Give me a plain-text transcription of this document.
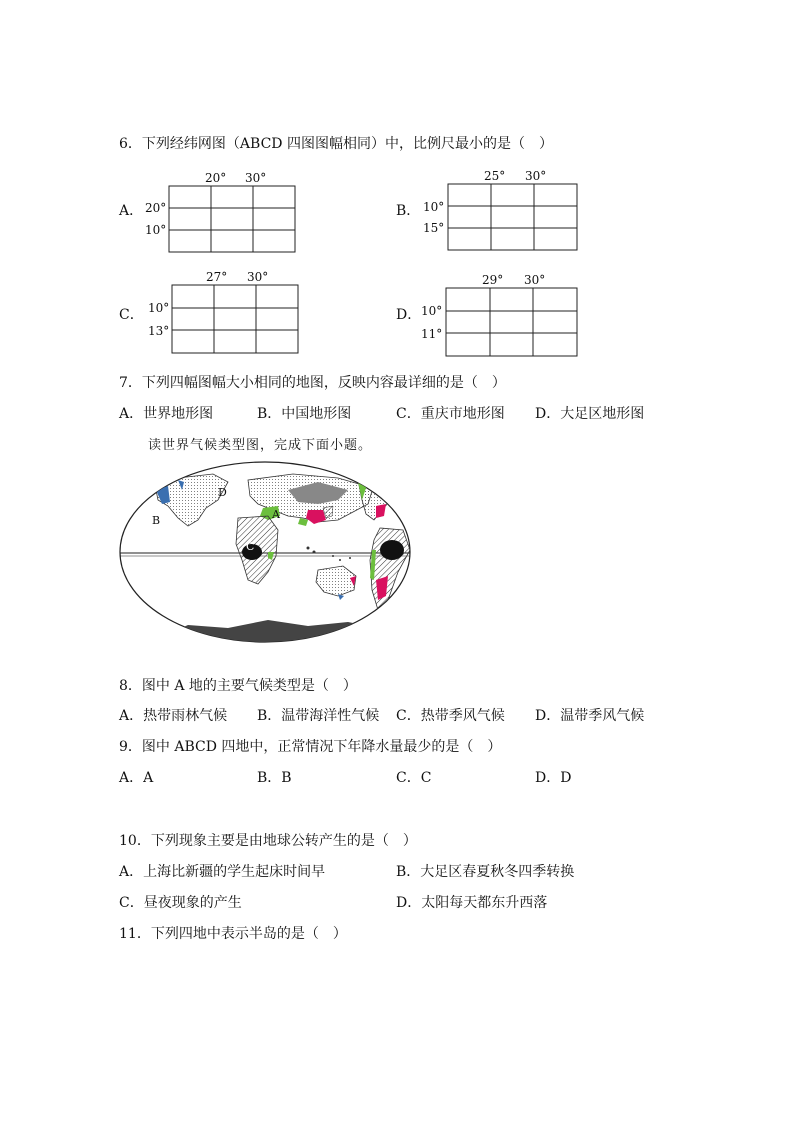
6．下列经纬网图（ABCD 四图图幅相同）中，比例尺最小的是（　）
A．
20° 30°
20°
10°
B．
25° 30°
10°
15°
C．
27° 30°
10°
13°
D．
29° 30°
10°
11°
7．下列四幅图幅大小相同的地图，反映内容最详细的是（　）
A．世界地形图	B．中国地形图	C．重庆市地形图 D．大足区地形图
读世界气候类型图，完成下面小题。
A
B
C
D
8．图中 A 地的主要气候类型是（　）
A．热带雨林气候 B．温带海洋性气候 C．热带季风气候 D．温带季风气候
9．图中 ABCD 四地中，正常情况下年降水量最少的是（　）
A．A	B．B	C．C	D．D
10．下列现象主要是由地球公转产生的是（　）
A．上海比新疆的学生起床时间早	B．大足区春夏秋冬四季转换
C．昼夜现象的产生	D．太阳每天都东升西落
11．下列四地中表示半岛的是（　）
